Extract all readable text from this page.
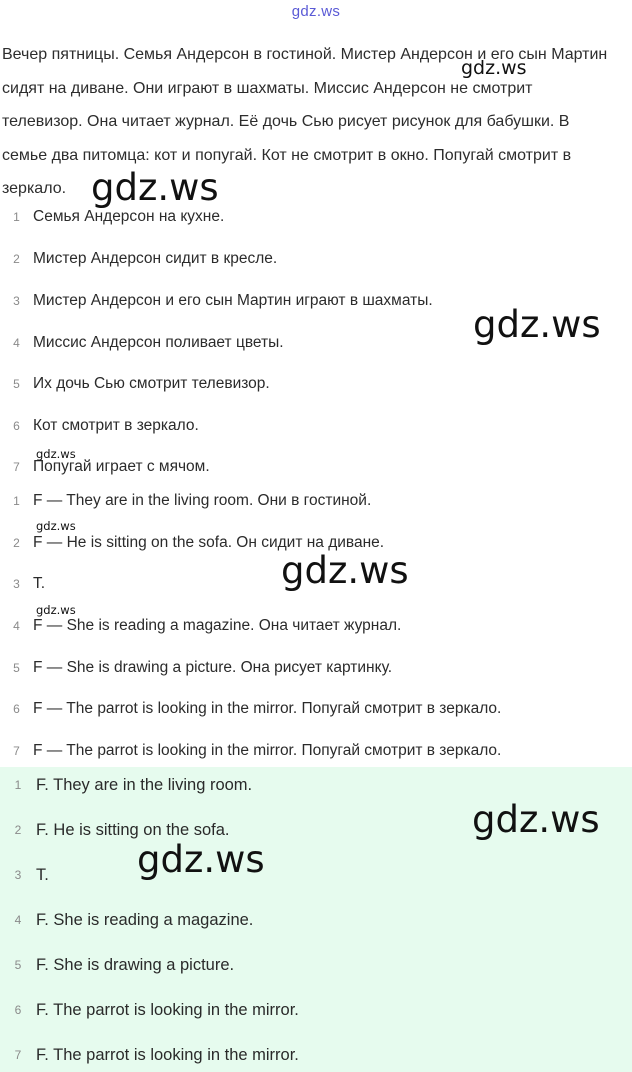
gdz.ws
Вечер пятницы. Семья Андерсон в гостиной. Мистер Андерсон и его сын Мартин сидят на диване. Они играют в шахматы. Миссис Андерсон не смотрит телевизор. Она читает журнал. Её дочь Сью рисует рисунок для бабушки. В семье два питомца: кот и попугай. Кот не смотрит в окно. Попугай смотрит в зеркало.
1 Семья Андерсон на кухне.
2 Мистер Андерсон сидит в кресле.
3 Мистер Андерсон и его сын Мартин играют в шахматы.
4 Миссис Андерсон поливает цветы.
5 Их дочь Сью смотрит телевизор.
6 Кот смотрит в зеркало.
7 Попугай играет с мячом.
1 F — They are in the living room. Они в гостиной.
2 F — He is sitting on the sofa. Он сидит на диване.
3 T.
4 F — She is reading a magazine. Она читает журнал.
5 F — She is drawing a picture. Она рисует картинку.
6 F — The parrot is looking in the mirror. Попугай смотрит в зеркало.
7 F — The parrot is looking in the mirror. Попугай смотрит в зеркало.
1 F. They are in the living room.
2 F. He is sitting on the sofa.
3 T.
4 F. She is reading a magazine.
5 F. She is drawing a picture.
6 F. The parrot is looking in the mirror.
7 F. The parrot is looking in the mirror.
gdz.ws
gdz.ws
gdz.ws
gdz.ws
gdz.ws
gdz.ws
gdz.ws
gdz.ws
gdz.ws
